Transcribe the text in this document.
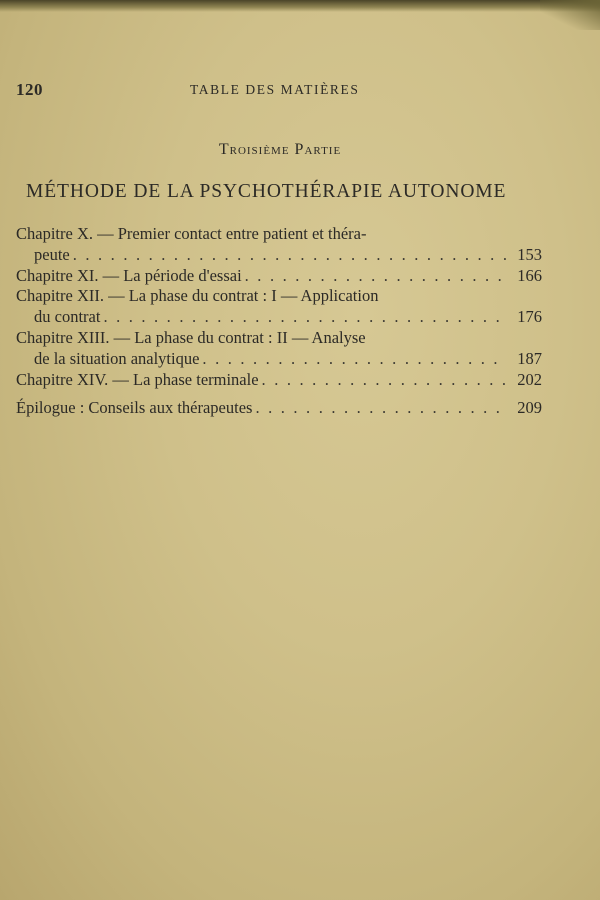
120	TABLE DES MATIÈRES
Troisième Partie
MÉTHODE DE LA PSYCHOTHÉRAPIE AUTONOME
Chapitre X. — Premier contact entre patient et théra-
peute . . .	153
Chapitre XI. — La période d'essai . . .	166
Chapitre XII. — La phase du contrat : I — Application
du contrat . . .	176
Chapitre XIII. — La phase du contrat : II — Analyse
de la situation analytique . . .	187
Chapitre XIV. — La phase terminale . . .	202
Épilogue : Conseils aux thérapeutes . . .	209
